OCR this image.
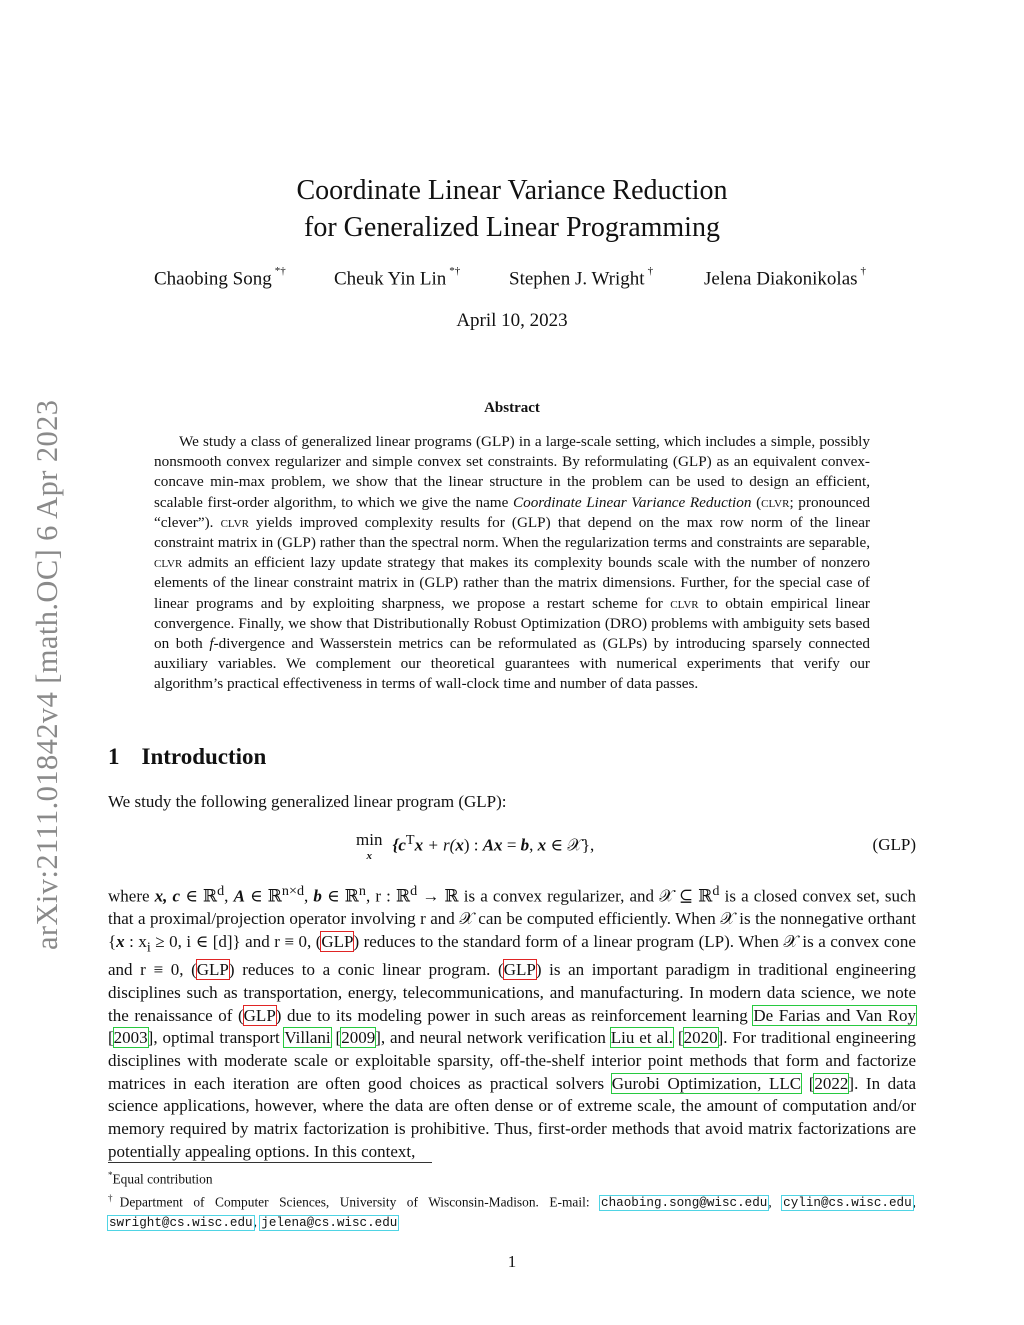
arXiv:2111.01842v4 [math.OC] 6 Apr 2023
Coordinate Linear Variance Reduction
for Generalized Linear Programming
Chaobing Song *†	Cheuk Yin Lin *†	Stephen J. Wright †	Jelena Diakonikolas †
April 10, 2023
Abstract
We study a class of generalized linear programs (GLP) in a large-scale setting, which includes a simple, possibly nonsmooth convex regularizer and simple convex set constraints. By reformulating (GLP) as an equivalent convex-concave min-max problem, we show that the linear structure in the problem can be used to design an efficient, scalable first-order algorithm, to which we give the name Coordinate Linear Variance Reduction (clvr; pronounced “clever”). clvr yields improved complexity results for (GLP) that depend on the max row norm of the linear constraint matrix in (GLP) rather than the spectral norm. When the regularization terms and constraints are separable, clvr admits an efficient lazy update strategy that makes its complexity bounds scale with the number of nonzero elements of the linear constraint matrix in (GLP) rather than the matrix dimensions. Further, for the special case of linear programs and by exploiting sharpness, we propose a restart scheme for clvr to obtain empirical linear convergence. Finally, we show that Distributionally Robust Optimization (DRO) problems with ambiguity sets based on both f-divergence and Wasserstein metrics can be reformulated as (GLPs) by introducing sparsely connected auxiliary variables. We complement our theoretical guarantees with numerical experiments that verify our algorithm’s practical effectiveness in terms of wall-clock time and number of data passes.
1 Introduction
We study the following generalized linear program (GLP):
min
x
{$c^Tx + r(x)$ : Ax = b, x ∈ 𝒳},	(GLP)
where x, c ∈ ℝ$^d$, A ∈ ℝ$^{n\times d}$, b ∈ ℝ$^n$, r : ℝ$^d$ → ℝ is a convex regularizer, and 𝒳 ⊆ ℝ$^d$ is a closed convex set, such that a proximal/projection operator involving r and 𝒳 can be computed efficiently. When 𝒳 is the nonnegative orthant {x : $x_i \ge 0$, i ∈ [d]} and r ≡ 0, (GLP) reduces to the standard form of a linear program (LP). When 𝒳 is a convex cone and r ≡ 0, (GLP) reduces to a conic linear program. (GLP) is an important paradigm in traditional engineering disciplines such as transportation, energy, telecommunications, and manufacturing. In modern data science, we note the renaissance of (GLP) due to its modeling power in such areas as reinforcement learning De Farias and Van Roy [2003], optimal transport Villani [2009], and neural network verification Liu et al. [2020]. For traditional engineering disciplines with moderate scale or exploitable sparsity, off-the-shelf interior point methods that form and factorize matrices in each iteration are often good choices as practical solvers Gurobi Optimization, LLC [2022]. In data science applications, however, where the data are often dense or of extreme scale, the amount of computation and/or memory required by matrix factorization is prohibitive. Thus, first-order methods that avoid matrix factorizations are potentially appealing options. In this context,
*Equal contribution
†Department of Computer Sciences, University of Wisconsin-Madison. E-mail: chaobing.song@wisc.edu, cylin@cs.wisc.edu, swright@cs.wisc.edu, jelena@cs.wisc.edu
1
